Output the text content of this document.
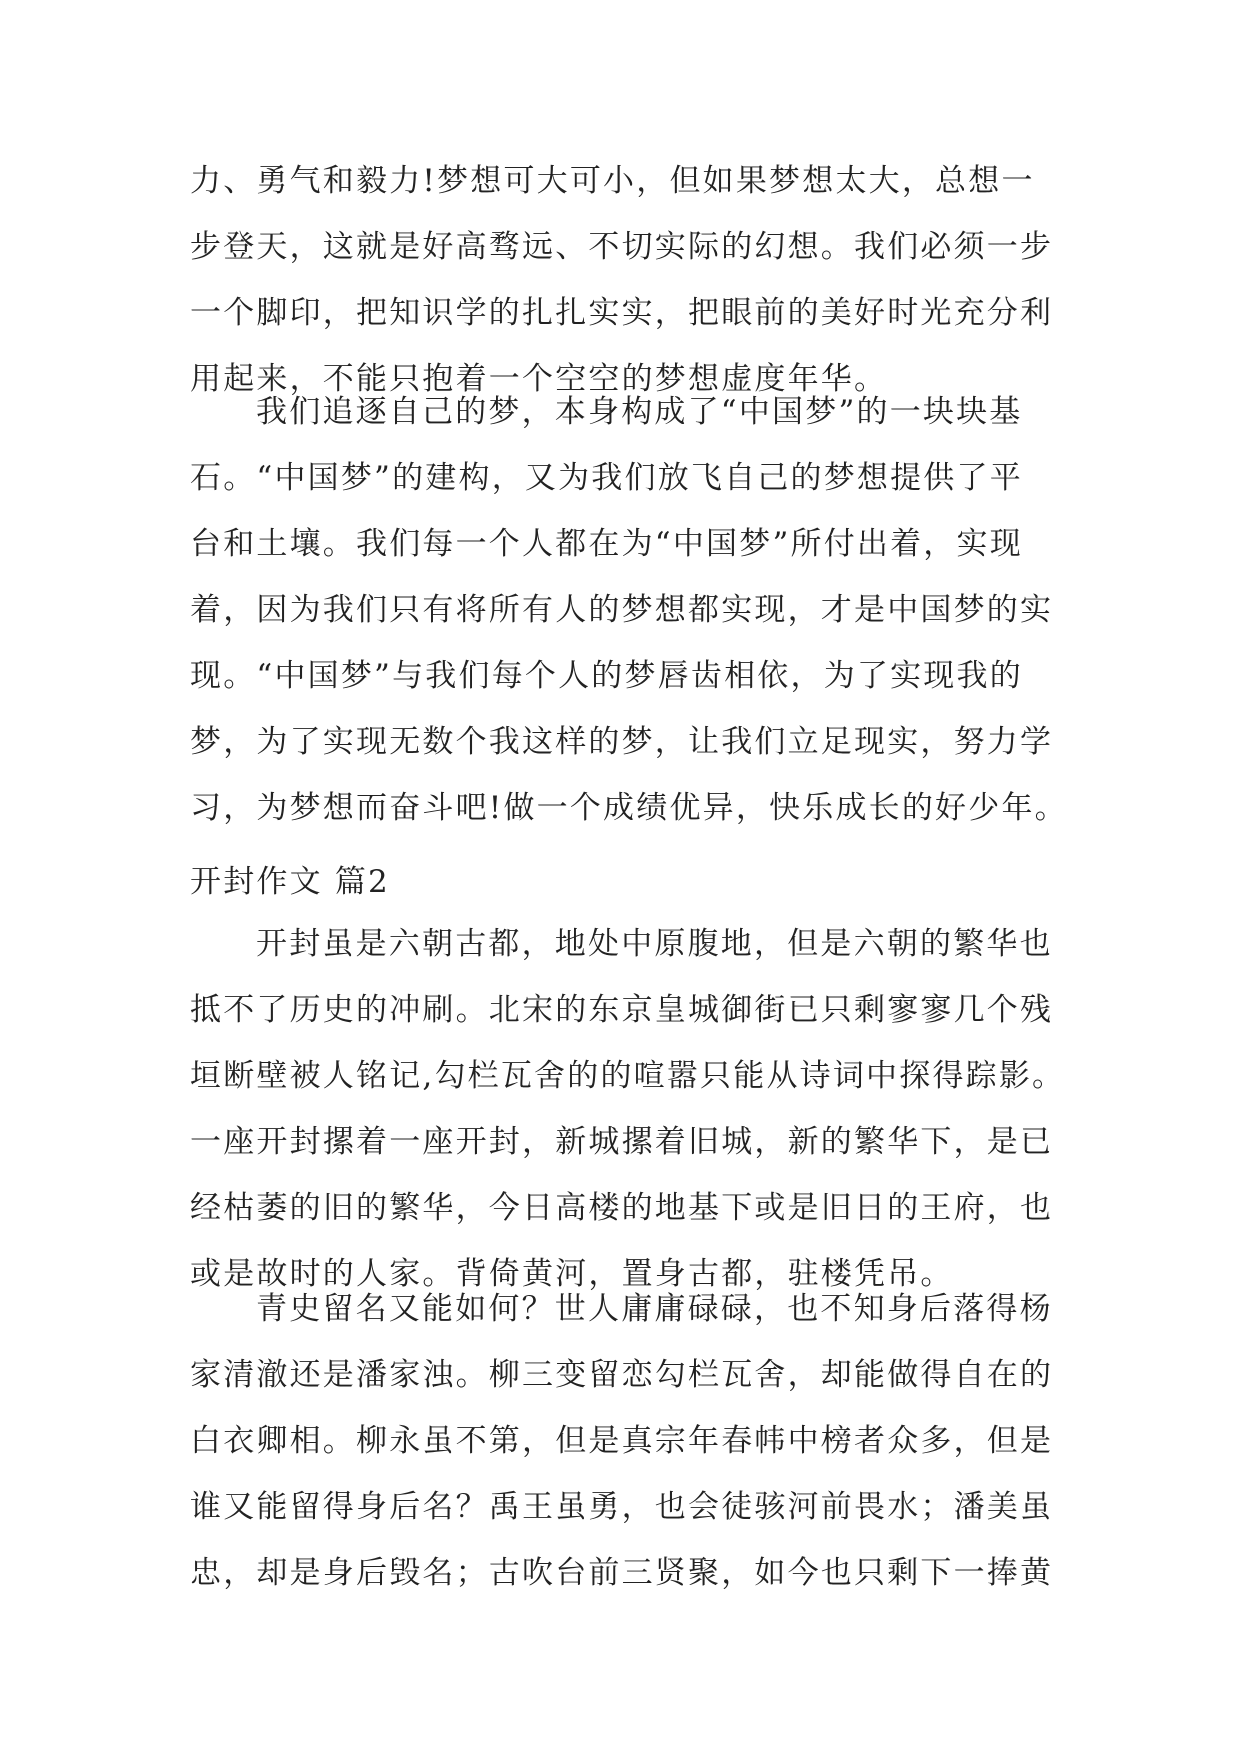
力、勇气和毅力!梦想可大可小，但如果梦想太大，总想一
步登天，这就是好高骛远、不切实际的幻想。我们必须一步
一个脚印，把知识学的扎扎实实，把眼前的美好时光充分利
用起来，不能只抱着一个空空的梦想虚度年华。
我们追逐自己的梦，本身构成了“中国梦”的一块块基
石。“中国梦”的建构，又为我们放飞自己的梦想提供了平
台和土壤。我们每一个人都在为“中国梦”所付出着，实现
着，因为我们只有将所有人的梦想都实现，才是中国梦的实
现。“中国梦”与我们每个人的梦唇齿相依，为了实现我的
梦，为了实现无数个我这样的梦，让我们立足现实，努力学
习，为梦想而奋斗吧!做一个成绩优异，快乐成长的好少年。
开封作文 篇2
开封虽是六朝古都，地处中原腹地，但是六朝的繁华也
抵不了历史的冲刷。北宋的东京皇城御街已只剩寥寥几个残
垣断壁被人铭记,勾栏瓦舍的的喧嚣只能从诗词中探得踪影。
一座开封摞着一座开封，新城摞着旧城，新的繁华下，是已
经枯萎的旧的繁华，今日高楼的地基下或是旧日的王府，也
或是故时的人家。背倚黄河，置身古都，驻楼凭吊。
青史留名又能如何？世人庸庸碌碌，也不知身后落得杨
家清澈还是潘家浊。柳三变留恋勾栏瓦舍，却能做得自在的
白衣卿相。柳永虽不第，但是真宗年春帏中榜者众多，但是
谁又能留得身后名？禹王虽勇，也会徒骇河前畏水；潘美虽
忠，却是身后毁名；古吹台前三贤聚，如今也只剩下一捧黄
